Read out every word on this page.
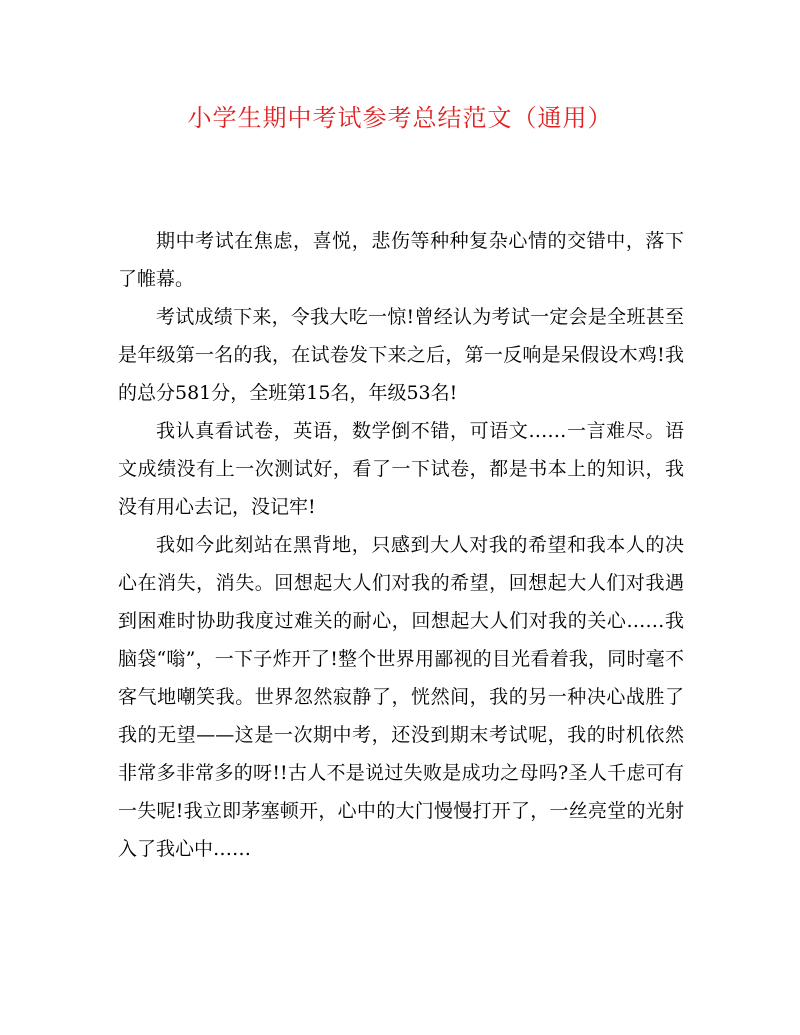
小学生期中考试参考总结范文（通用）

期中考试在焦虑，喜悦，悲伤等种种复杂心情的交错中，落下了帷幕。

考试成绩下来，令我大吃一惊!曾经认为考试一定会是全班甚至是年级第一名的我，在试卷发下来之后，第一反响是呆假设木鸡!我的总分581分，全班第15名，年级53名!

我认真看试卷，英语，数学倒不错，可语文……一言难尽。语文成绩没有上一次测试好，看了一下试卷，都是书本上的知识，我没有用心去记，没记牢!

我如今此刻站在黑背地，只感到大人对我的希望和我本人的决心在消失，消失。回想起大人们对我的希望，回想起大人们对我遇到困难时协助我度过难关的耐心，回想起大人们对我的关心……我脑袋“嗡”，一下子炸开了!整个世界用鄙视的目光看着我，同时毫不客气地嘲笑我。世界忽然寂静了，恍然间，我的另一种决心战胜了我的无望——这是一次期中考，还没到期末考试呢，我的时机依然非常多非常多的呀!!古人不是说过失败是成功之母吗?圣人千虑可有一失呢!我立即茅塞顿开，心中的大门慢慢打开了，一丝亮堂的光射入了我心中……
